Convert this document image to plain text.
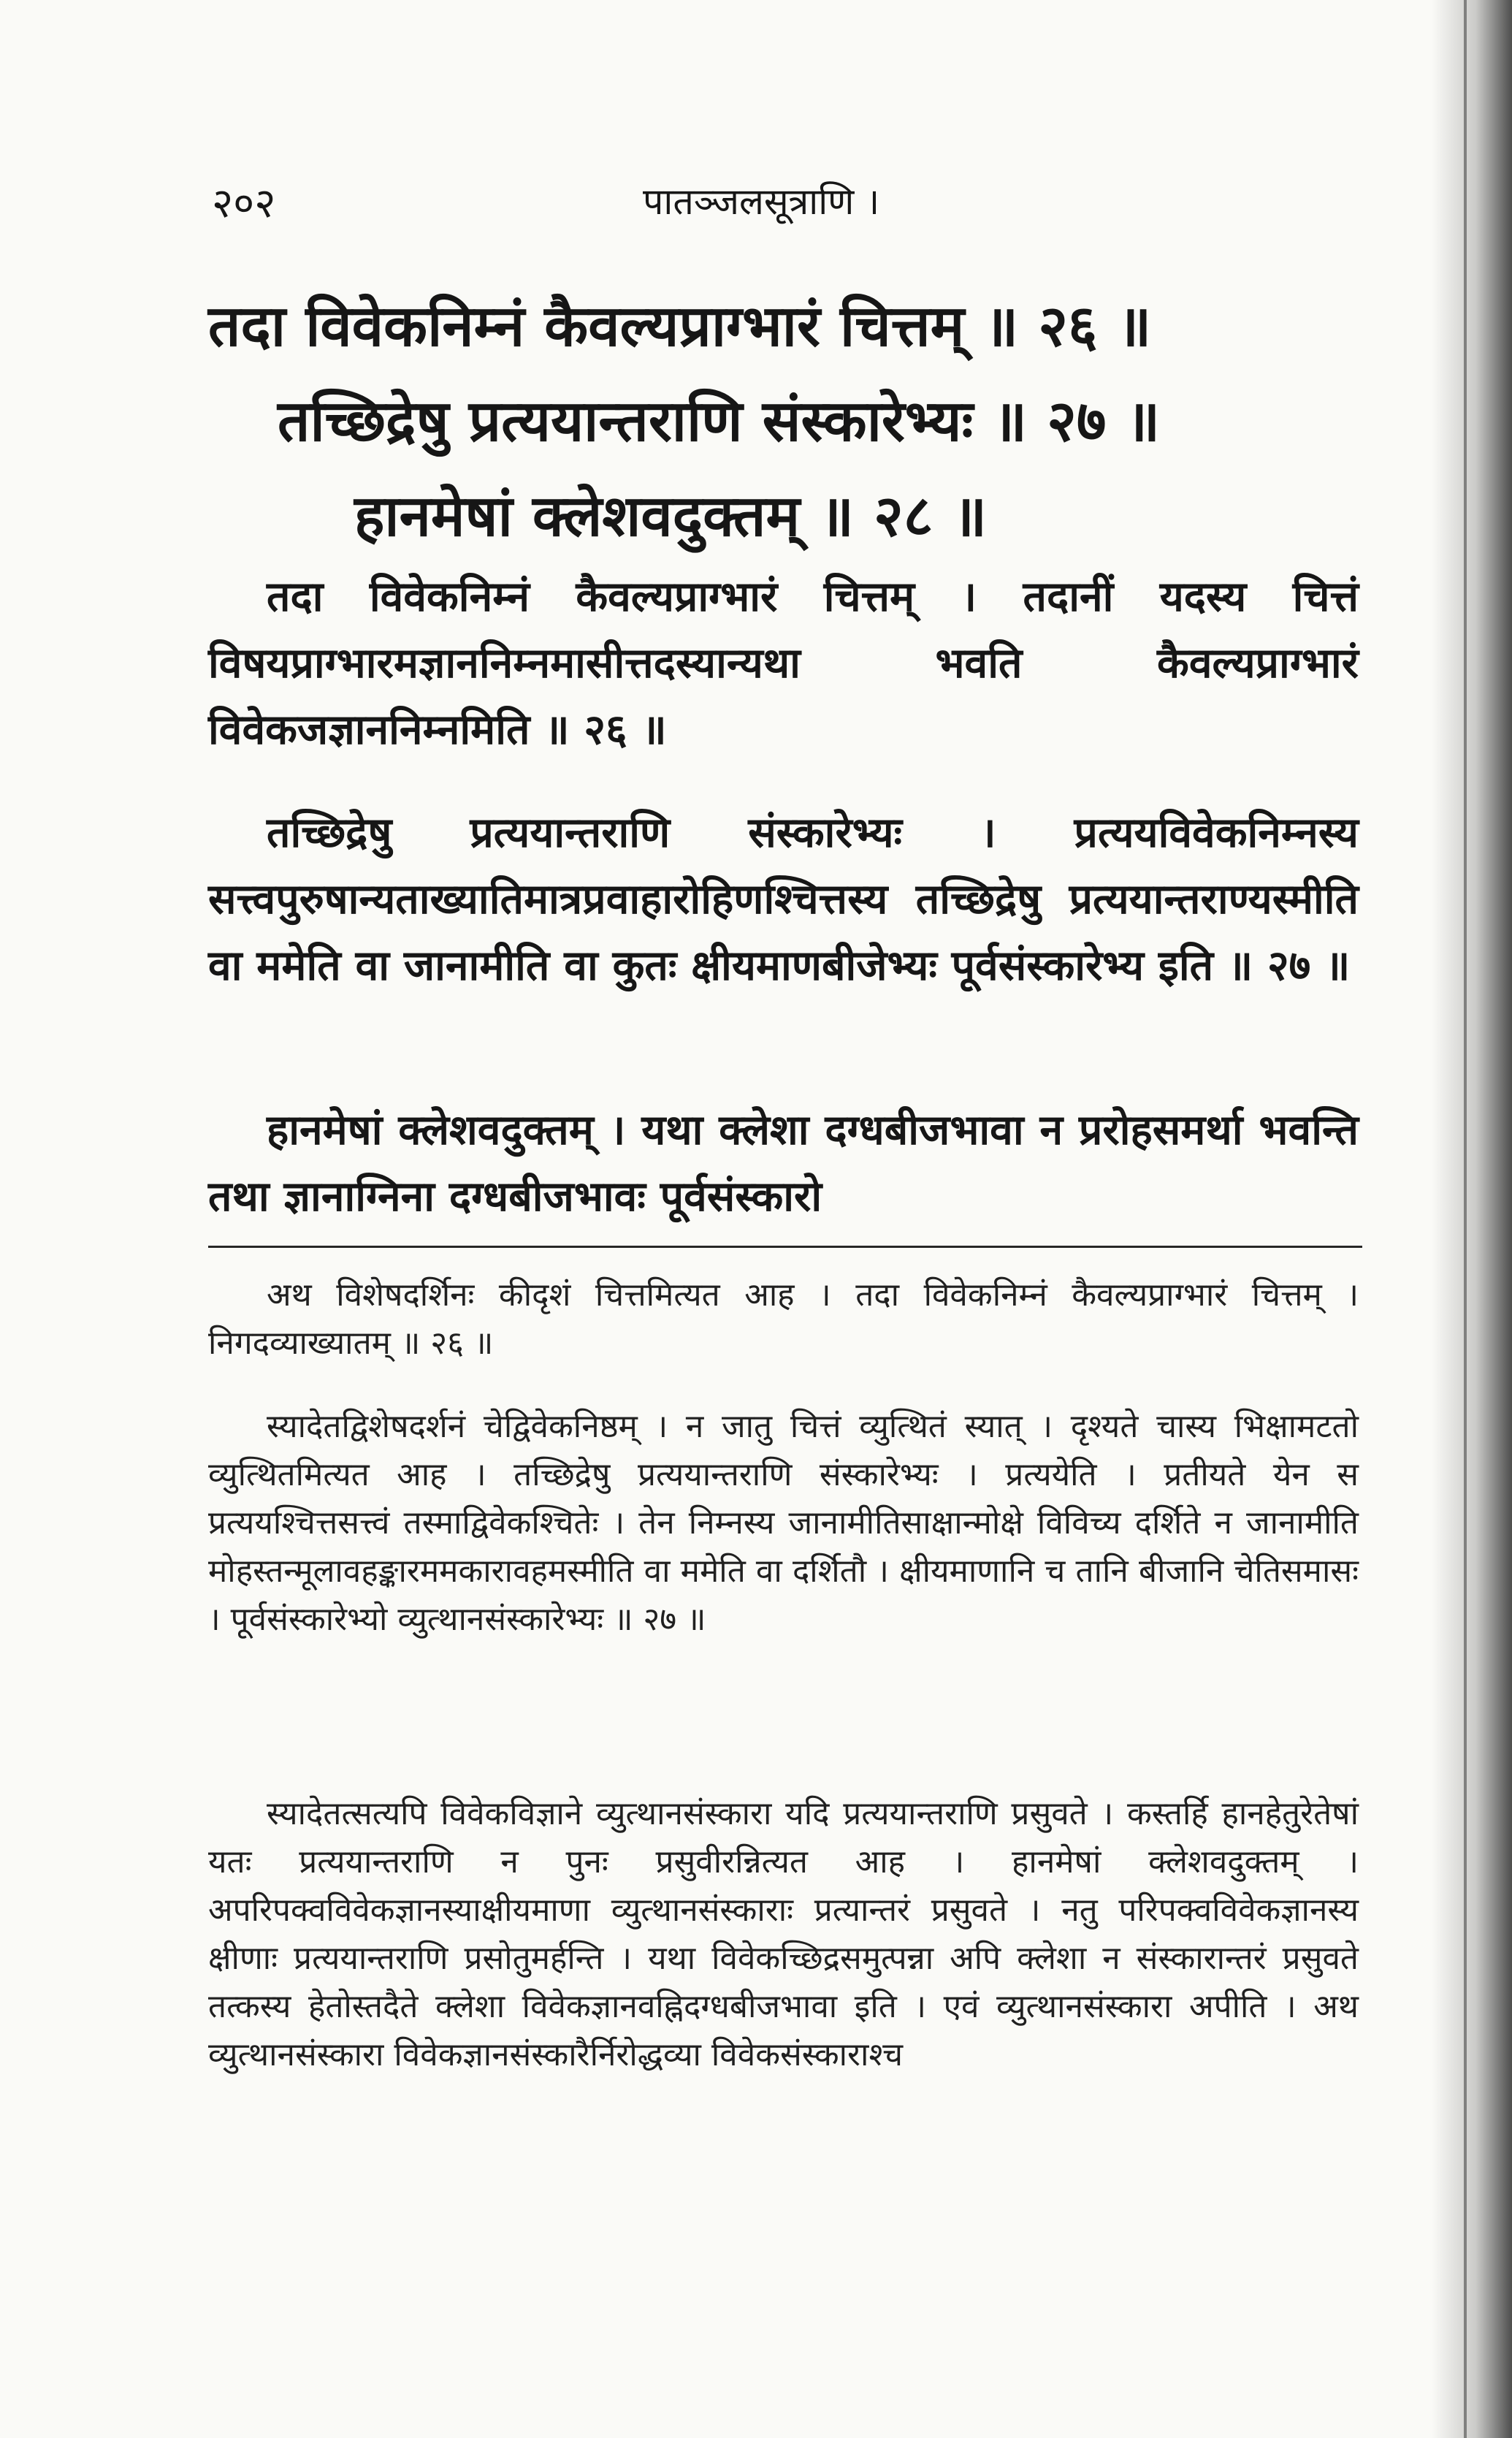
२०२	पातञ्जलसूत्राणि ।
तदा विवेकनिम्नं कैवल्यप्राग्भारं चित्तम् ॥ २६ ॥
तच्छिद्रेषु प्रत्ययान्तराणि संस्कारेभ्यः ॥ २७ ॥
हानमेषां क्लेशवदुक्तम् ॥ २८ ॥
तदा विवेकनिम्नं कैवल्यप्राग्भारं चित्तम् । तदानीं यदस्य चित्तं विषयप्राग्भारमज्ञाननिम्नमासीत्तदस्यान्यथा भवति कैवल्यप्राग्भारं विवेकजज्ञाननिम्नमिति ॥ २६ ॥
तच्छिद्रेषु प्रत्ययान्तराणि संस्कारेभ्यः । प्रत्ययविवेकनिम्नस्य सत्त्वपुरुषान्यताख्यातिमात्रप्रवाहारोहिणश्चित्तस्य तच्छिद्रेषु प्रत्ययान्तराण्यस्मीति वा ममेति वा जानामीति वा कुतः क्षीयमाणबीजेभ्यः पूर्वसंस्कारेभ्य इति ॥ २७ ॥
हानमेषां क्लेशवदुक्तम् । यथा क्लेशा दग्धबीजभावा न प्ररोहसमर्था भवन्ति तथा ज्ञानाग्निना दग्धबीजभावः पूर्वसंस्कारो
अथ विशेषदर्शिनः कीदृशं चित्तमित्यत आह । तदा विवेकनिम्नं कैवल्यप्राग्भारं चित्तम् । निगदव्याख्यातम् ॥ २६ ॥
स्यादेतद्विशेषदर्शनं चेद्विवेकनिष्ठम् । न जातु चित्तं व्युत्थितं स्यात् । दृश्यते चास्य भिक्षामटतो व्युत्थितमित्यत आह । तच्छिद्रेषु प्रत्ययान्तराणि संस्कारेभ्यः । प्रत्ययेति । प्रतीयते येन स प्रत्ययश्चित्तसत्त्वं तस्माद्विवेकश्चितेः । तेन निम्नस्य जानामीतिसाक्षान्मोक्षे विविच्य दर्शिते न जानामीति मोहस्तन्मूलावहङ्कारममकारावहमस्मीति वा ममेति वा दर्शितौ । क्षीयमाणानि च तानि बीजानि चेतिसमासः । पूर्वसंस्कारेभ्यो व्युत्थानसंस्कारेभ्यः ॥ २७ ॥
स्यादेतत्सत्यपि विवेकविज्ञाने व्युत्थानसंस्कारा यदि प्रत्ययान्तराणि प्रसुवते । कस्तर्हि हानहेतुरेतेषां यतः प्रत्ययान्तराणि न पुनः प्रसुवीरन्नित्यत आह । हानमेषां क्लेशवदुक्तम् । अपरिपक्वविवेकज्ञानस्याक्षीयमाणा व्युत्थानसंस्काराः प्रत्यान्तरं प्रसुवते । नतु परिपक्वविवेकज्ञानस्य क्षीणाः प्रत्ययान्तराणि प्रसोतुमर्हन्ति । यथा विवेकच्छिद्रसमुत्पन्ना अपि क्लेशा न संस्कारान्तरं प्रसुवते तत्कस्य हेतोस्तदैते क्लेशा विवेकज्ञानवह्निदग्धबीजभावा इति । एवं व्युत्थानसंस्कारा अपीति । अथ व्युत्थानसंस्कारा विवेकज्ञानसंस्कारैर्निरोद्धव्या विवेकसंस्काराश्च
